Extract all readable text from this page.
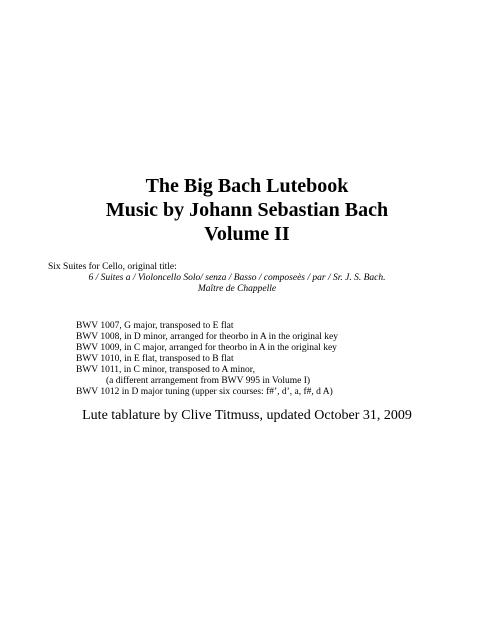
The Big Bach Lutebook
Music by Johann Sebastian Bach
Volume II
Six Suites for Cello, original title:
6 / Suites a / Violoncello Solo/ senza / Basso / composeès / par / Sr. J. S. Bach.
Maître de Chappelle
BWV 1007, G major, transposed to E flat
BWV 1008, in D minor, arranged for theorbo in A in the original key
BWV 1009, in C major, arranged for theorbo in A in the original key
BWV 1010, in E flat, transposed to B flat
BWV 1011, in C minor, transposed to A minor,
(a different arrangement from BWV 995 in Volume I)
BWV 1012 in D major tuning (upper six courses: f#’, d’, a, f#, d A)
Lute tablature by Clive Titmuss, updated October 31, 2009
